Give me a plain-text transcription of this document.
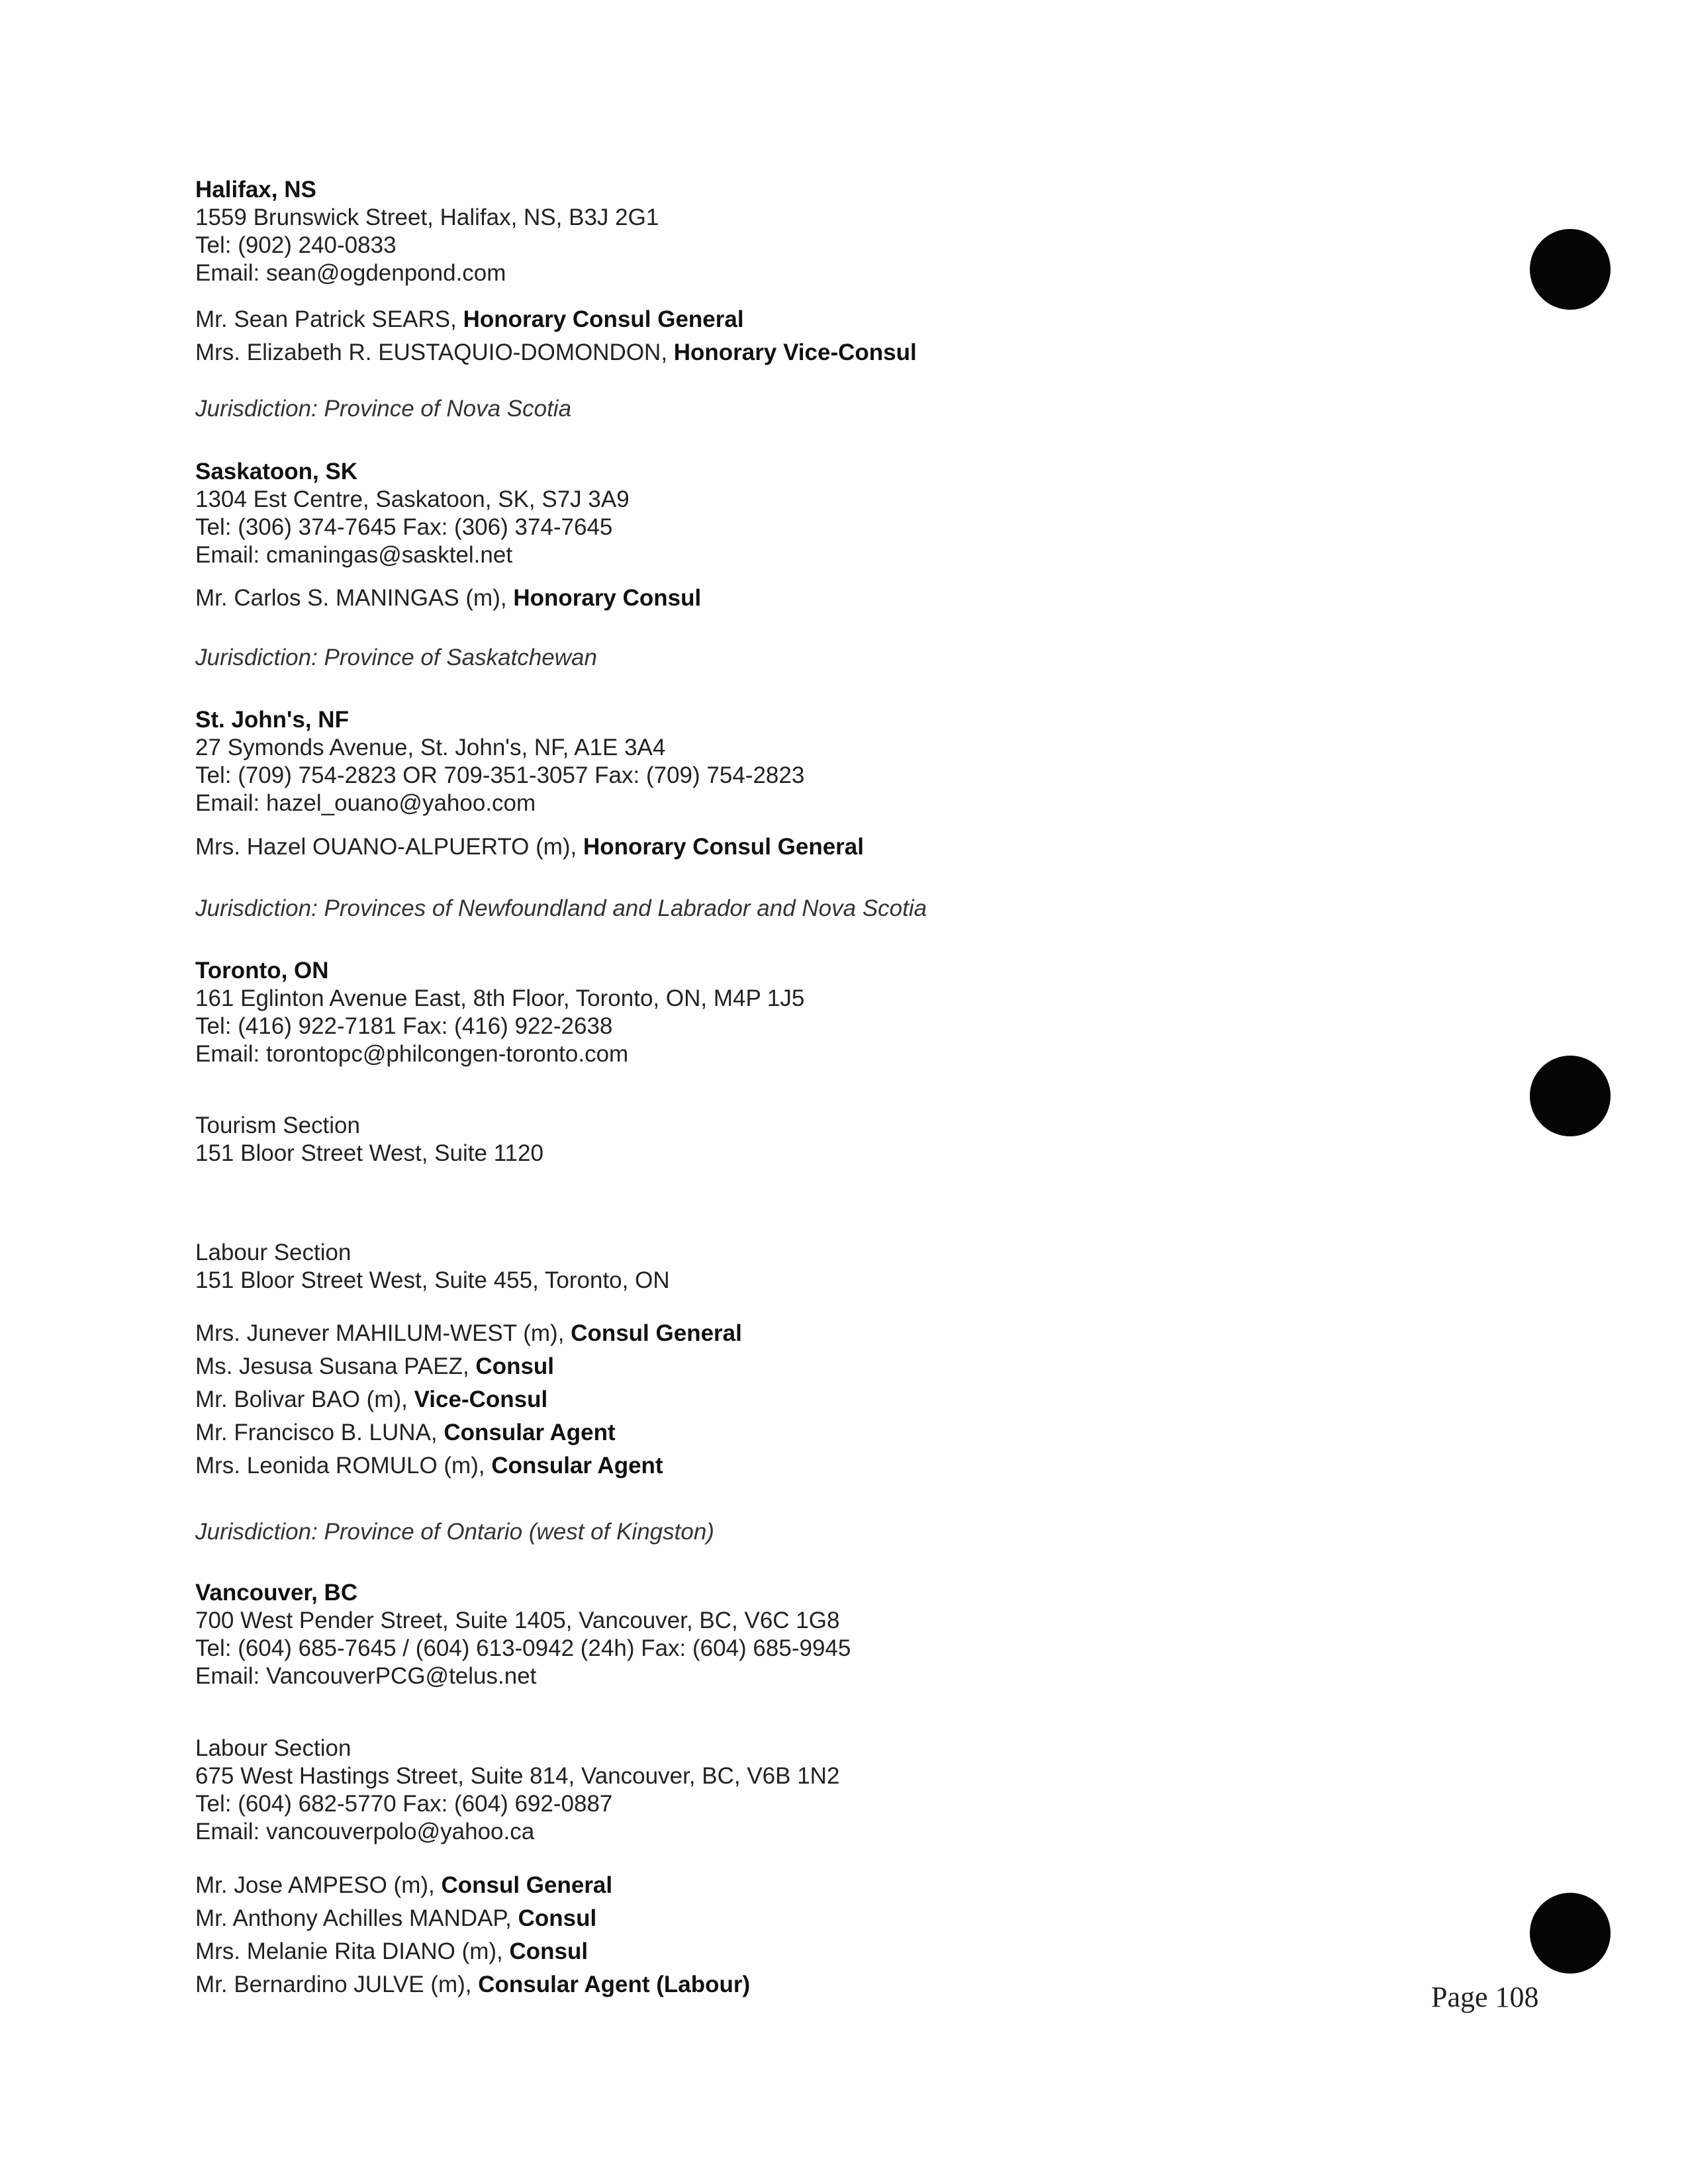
Halifax, NS
1559 Brunswick Street, Halifax, NS, B3J 2G1
Tel: (902) 240-0833
Email: sean@ogdenpond.com
Mr. Sean Patrick SEARS, Honorary Consul General
Mrs. Elizabeth R. EUSTAQUIO-DOMONDON, Honorary Vice-Consul
Jurisdiction: Province of Nova Scotia
Saskatoon, SK
1304 Est Centre, Saskatoon, SK, S7J 3A9
Tel: (306) 374-7645 Fax: (306) 374-7645
Email: cmaningas@sasktel.net
Mr. Carlos S. MANINGAS (m), Honorary Consul
Jurisdiction: Province of Saskatchewan
St. John's, NF
27 Symonds Avenue, St. John's, NF, A1E 3A4
Tel: (709) 754-2823 OR 709-351-3057 Fax: (709) 754-2823
Email: hazel_ouano@yahoo.com
Mrs. Hazel OUANO-ALPUERTO (m), Honorary Consul General
Jurisdiction: Provinces of Newfoundland and Labrador and Nova Scotia
Toronto, ON
161 Eglinton Avenue East, 8th Floor, Toronto, ON, M4P 1J5
Tel: (416) 922-7181 Fax: (416) 922-2638
Email: torontopc@philcongen-toronto.com
Tourism Section
151 Bloor Street West, Suite 1120
Labour Section
151 Bloor Street West, Suite 455, Toronto, ON
Mrs. Junever MAHILUM-WEST (m), Consul General
Ms. Jesusa Susana PAEZ, Consul
Mr. Bolivar BAO (m), Vice-Consul
Mr. Francisco B. LUNA, Consular Agent
Mrs. Leonida ROMULO (m), Consular Agent
Jurisdiction: Province of Ontario (west of Kingston)
Vancouver, BC
700 West Pender Street, Suite 1405, Vancouver, BC, V6C 1G8
Tel: (604) 685-7645 / (604) 613-0942 (24h) Fax: (604) 685-9945
Email: VancouverPCG@telus.net
Labour Section
675 West Hastings Street, Suite 814, Vancouver, BC, V6B 1N2
Tel: (604) 682-5770 Fax: (604) 692-0887
Email: vancouverpolo@yahoo.ca
Mr. Jose AMPESO (m), Consul General
Mr. Anthony Achilles MANDAP, Consul
Mrs. Melanie Rita DIANO (m), Consul
Mr. Bernardino JULVE (m), Consular Agent (Labour)	Page 108
